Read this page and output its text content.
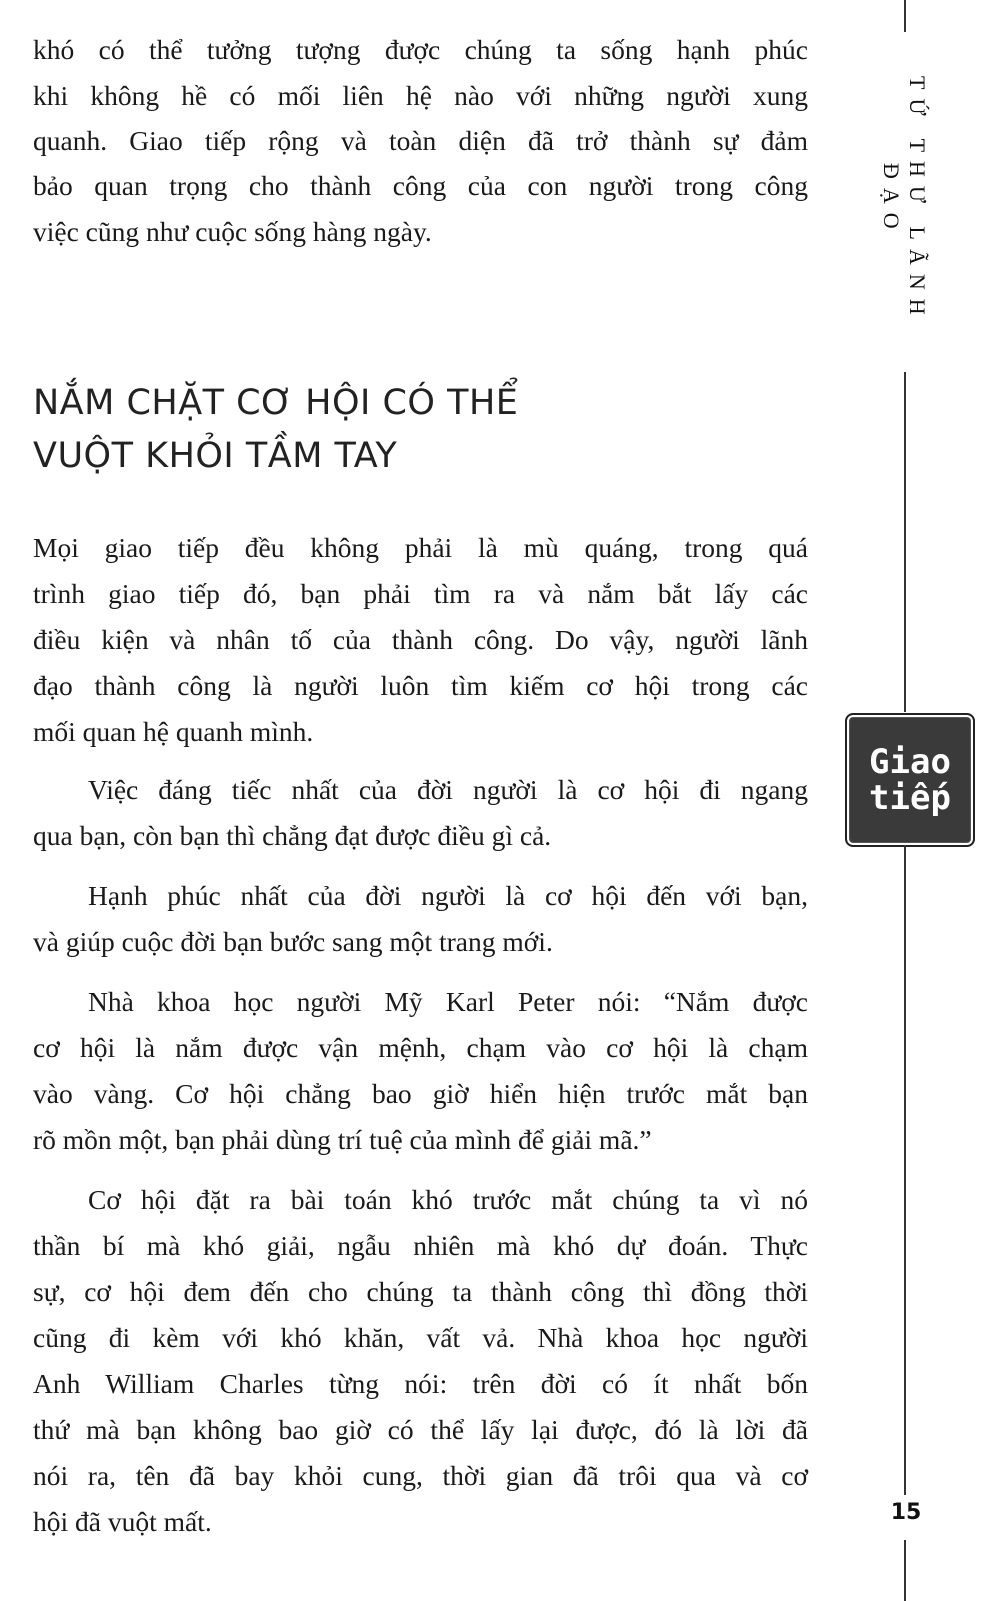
khó có thể tưởng tượng được chúng ta sống hạnh phúc
khi không hề có mối liên hệ nào với những người xung
quanh. Giao tiếp rộng và toàn diện đã trở thành sự đảm
bảo quan trọng cho thành công của con người trong công
việc cũng như cuộc sống hàng ngày.
NẮM CHẶT CƠ HỘI CÓ THỂ
VUỘT KHỎI TẦM TAY
Mọi giao tiếp đều không phải là mù quáng, trong quá
trình giao tiếp đó, bạn phải tìm ra và nắm bắt lấy các
điều kiện và nhân tố của thành công. Do vậy, người lãnh
đạo thành công là người luôn tìm kiếm cơ hội trong các
mối quan hệ quanh mình.
Việc đáng tiếc nhất của đời người là cơ hội đi ngang
qua bạn, còn bạn thì chẳng đạt được điều gì cả.
Hạnh phúc nhất của đời người là cơ hội đến với bạn,
và giúp cuộc đời bạn bước sang một trang mới.
Nhà khoa học người Mỹ Karl Peter nói: “Nắm được
cơ hội là nắm được vận mệnh, chạm vào cơ hội là chạm
vào vàng. Cơ hội chẳng bao giờ hiển hiện trước mắt bạn
rõ mồn một, bạn phải dùng trí tuệ của mình để giải mã.”
Cơ hội đặt ra bài toán khó trước mắt chúng ta vì nó
thần bí mà khó giải, ngẫu nhiên mà khó dự đoán. Thực
sự, cơ hội đem đến cho chúng ta thành công thì đồng thời
cũng đi kèm với khó khăn, vất vả. Nhà khoa học người
Anh William Charles từng nói: trên đời có ít nhất bốn
thứ mà bạn không bao giờ có thể lấy lại được, đó là lời đã
nói ra, tên đã bay khỏi cung, thời gian đã trôi qua và cơ
hội đã vuột mất.
TỨ THƯ LÃNH ĐẠO
Giao
tiếp
15
